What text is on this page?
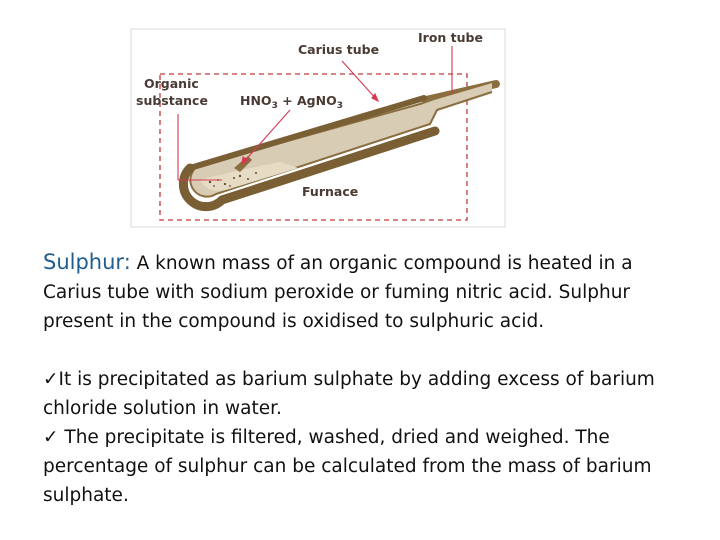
Carius tube
Iron tube
Organic
substance	$HNO_3$ + AgNO$_3$
Furnace
Sulphur: A known mass of an organic compound is heated in a Carius tube with sodium peroxide or fuming nitric acid. Sulphur present in the compound is oxidised to sulphuric acid.
✓It is precipitated as barium sulphate by adding excess of barium chloride solution in water.
✓ The precipitate is filtered, washed, dried and weighed. The percentage of sulphur can be calculated from the mass of barium sulphate.
